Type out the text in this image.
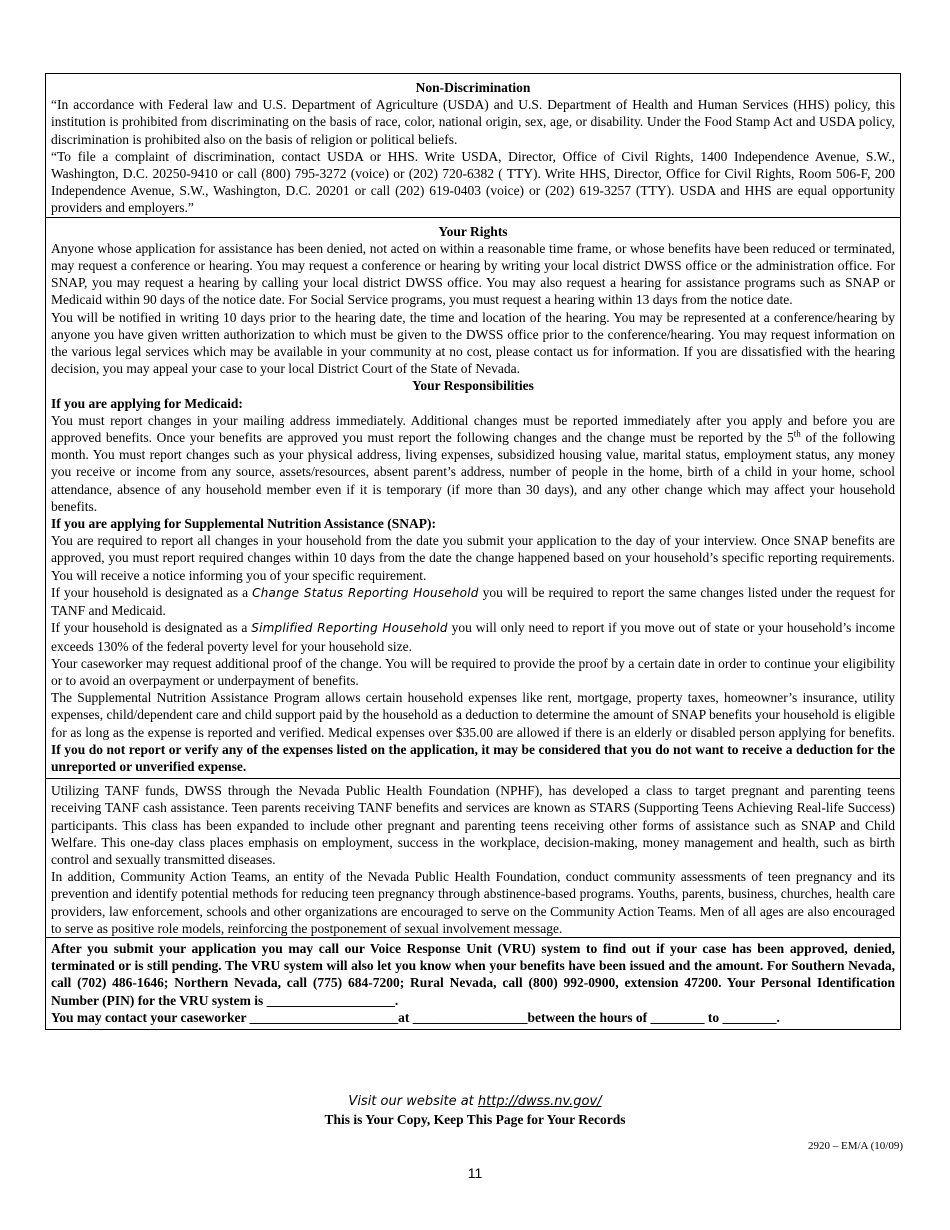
Non-Discrimination

“In accordance with Federal law and U.S. Department of Agriculture (USDA) and U.S. Department of Health and Human Services (HHS) policy, this institution is prohibited from discriminating on the basis of race, color, national origin, sex, age, or disability. Under the Food Stamp Act and USDA policy, discrimination is prohibited also on the basis of religion or political beliefs.

“To file a complaint of discrimination, contact USDA or HHS. Write USDA, Director, Office of Civil Rights, 1400 Independence Avenue, S.W., Washington, D.C. 20250-9410 or call (800) 795-3272 (voice) or (202) 720-6382 ( TTY). Write HHS, Director, Office for Civil Rights, Room 506-F, 200 Independence Avenue, S.W., Washington, D.C. 20201 or call (202) 619-0403 (voice) or (202) 619-3257 (TTY). USDA and HHS are equal opportunity providers and employers.”

Your Rights

Anyone whose application for assistance has been denied, not acted on within a reasonable time frame, or whose benefits have been reduced or terminated, may request a conference or hearing. You may request a conference or hearing by writing your local district DWSS office or the administration office. For SNAP, you may request a hearing by calling your local district DWSS office. You may also request a hearing for assistance programs such as SNAP or Medicaid within 90 days of the notice date. For Social Service programs, you must request a hearing within 13 days from the notice date.

You will be notified in writing 10 days prior to the hearing date, the time and location of the hearing. You may be represented at a conference/hearing by anyone you have given written authorization to which must be given to the DWSS office prior to the conference/hearing. You may request information on the various legal services which may be available in your community at no cost, please contact us for information. If you are dissatisfied with the hearing decision, you may appeal your case to your local District Court of the State of Nevada.

Your Responsibilities

If you are applying for Medicaid:

You must report changes in your mailing address immediately. Additional changes must be reported immediately after you apply and before you are approved benefits. Once your benefits are approved you must report the following changes and the change must be reported by the 5th of the following month. You must report changes such as your physical address, living expenses, subsidized housing value, marital status, employment status, any money you receive or income from any source, assets/resources, absent parent’s address, number of people in the home, birth of a child in your home, school attendance, absence of any household member even if it is temporary (if more than 30 days), and any other change which may affect your household benefits.

If you are applying for Supplemental Nutrition Assistance (SNAP):

You are required to report all changes in your household from the date you submit your application to the day of your interview. Once SNAP benefits are approved, you must report required changes within 10 days from the date the change happened based on your household’s specific reporting requirements. You will receive a notice informing you of your specific requirement.

If your household is designated as a Change Status Reporting Household you will be required to report the same changes listed under the request for TANF and Medicaid.

If your household is designated as a Simplified Reporting Household you will only need to report if you move out of state or your household’s income exceeds 130% of the federal poverty level for your household size.

Your caseworker may request additional proof of the change. You will be required to provide the proof by a certain date in order to continue your eligibility or to avoid an overpayment or underpayment of benefits.

The Supplemental Nutrition Assistance Program allows certain household expenses like rent, mortgage, property taxes, homeowner’s insurance, utility expenses, child/dependent care and child support paid by the household as a deduction to determine the amount of SNAP benefits your household is eligible for as long as the expense is reported and verified. Medical expenses over $35.00 are allowed if there is an elderly or disabled person applying for benefits. If you do not report or verify any of the expenses listed on the application, it may be considered that you do not want to receive a deduction for the unreported or unverified expense.

Utilizing TANF funds, DWSS through the Nevada Public Health Foundation (NPHF), has developed a class to target pregnant and parenting teens receiving TANF cash assistance. Teen parents receiving TANF benefits and services are known as STARS (Supporting Teens Achieving Real-life Success) participants. This class has been expanded to include other pregnant and parenting teens receiving other forms of assistance such as SNAP and Child Welfare. This one-day class places emphasis on employment, success in the workplace, decision-making, money management and health, such as birth control and sexually transmitted diseases.

In addition, Community Action Teams, an entity of the Nevada Public Health Foundation, conduct community assessments of teen pregnancy and its prevention and identify potential methods for reducing teen pregnancy through abstinence-based programs. Youths, parents, business, churches, health care providers, law enforcement, schools and other organizations are encouraged to serve on the Community Action Teams. Men of all ages are also encouraged to serve as positive role models, reinforcing the postponement of sexual involvement message.

After you submit your application you may call our Voice Response Unit (VRU) system to find out if your case has been approved, denied, terminated or is still pending. The VRU system will also let you know when your benefits have been issued and the amount. For Southern Nevada, call (702) 486-1646; Northern Nevada, call (775) 684-7200; Rural Nevada, call (800) 992-0900, extension 47200. Your Personal Identification Number (PIN) for the VRU system is ___________________.

You may contact your caseworker ______________________at _________________between the hours of ________ to ________.

Visit our website at http://dwss.nv.gov/
This is Your Copy, Keep This Page for Your Records
2920 – EM/A (10/09)
11
